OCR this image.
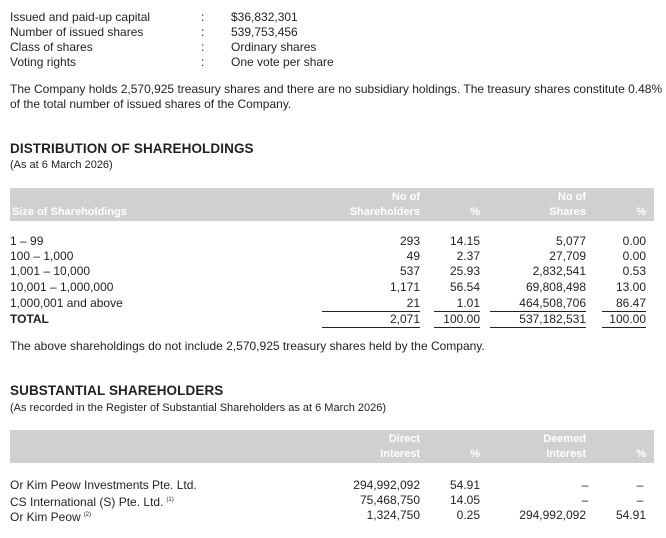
Issued and paid-up capital	: $36,832,301
Number of issued shares	: 539,753,456
Class of shares	: Ordinary shares
Voting rights	: One vote per share
The Company holds 2,570,925 treasury shares and there are no subsidiary holdings. The treasury shares constitute 0.48%
of the total number of issued shares of the Company.
DISTRIBUTION OF SHAREHOLDINGS
(As at 6 March 2026)
Size of Shareholdings
No of
Shareholders	%
No of
Shares	%
1 – 99	293	14.15	5,077	0.00
100 – 1,000	49	2.37	27,709	0.00
1,001 – 10,000	537	25.93	2,832,541	0.53
10,001 – 1,000,000	1,171	56.54	69,808,498	13.00
1,000,001 and above	21	1.01	464,508,706	86.47
TOTAL	2,071	100.00	537,182,531	100.00
The above shareholdings do not include 2,570,925 treasury shares held by the Company.
SUBSTANTIAL SHAREHOLDERS
(As recorded in the Register of Substantial Shareholders as at 6 March 2026)
Direct
Interest	%
Deemed
Interest	%
Or Kim Peow Investments Pte. Ltd.	294,992,092	54.91	–	–
CS International (S) Pte. Ltd. $^{(1)}$	75,468,750	14.05	–	–
Or Kim Peow $^{(2)}$	1,324,750	0.25	294,992,092	54.91
